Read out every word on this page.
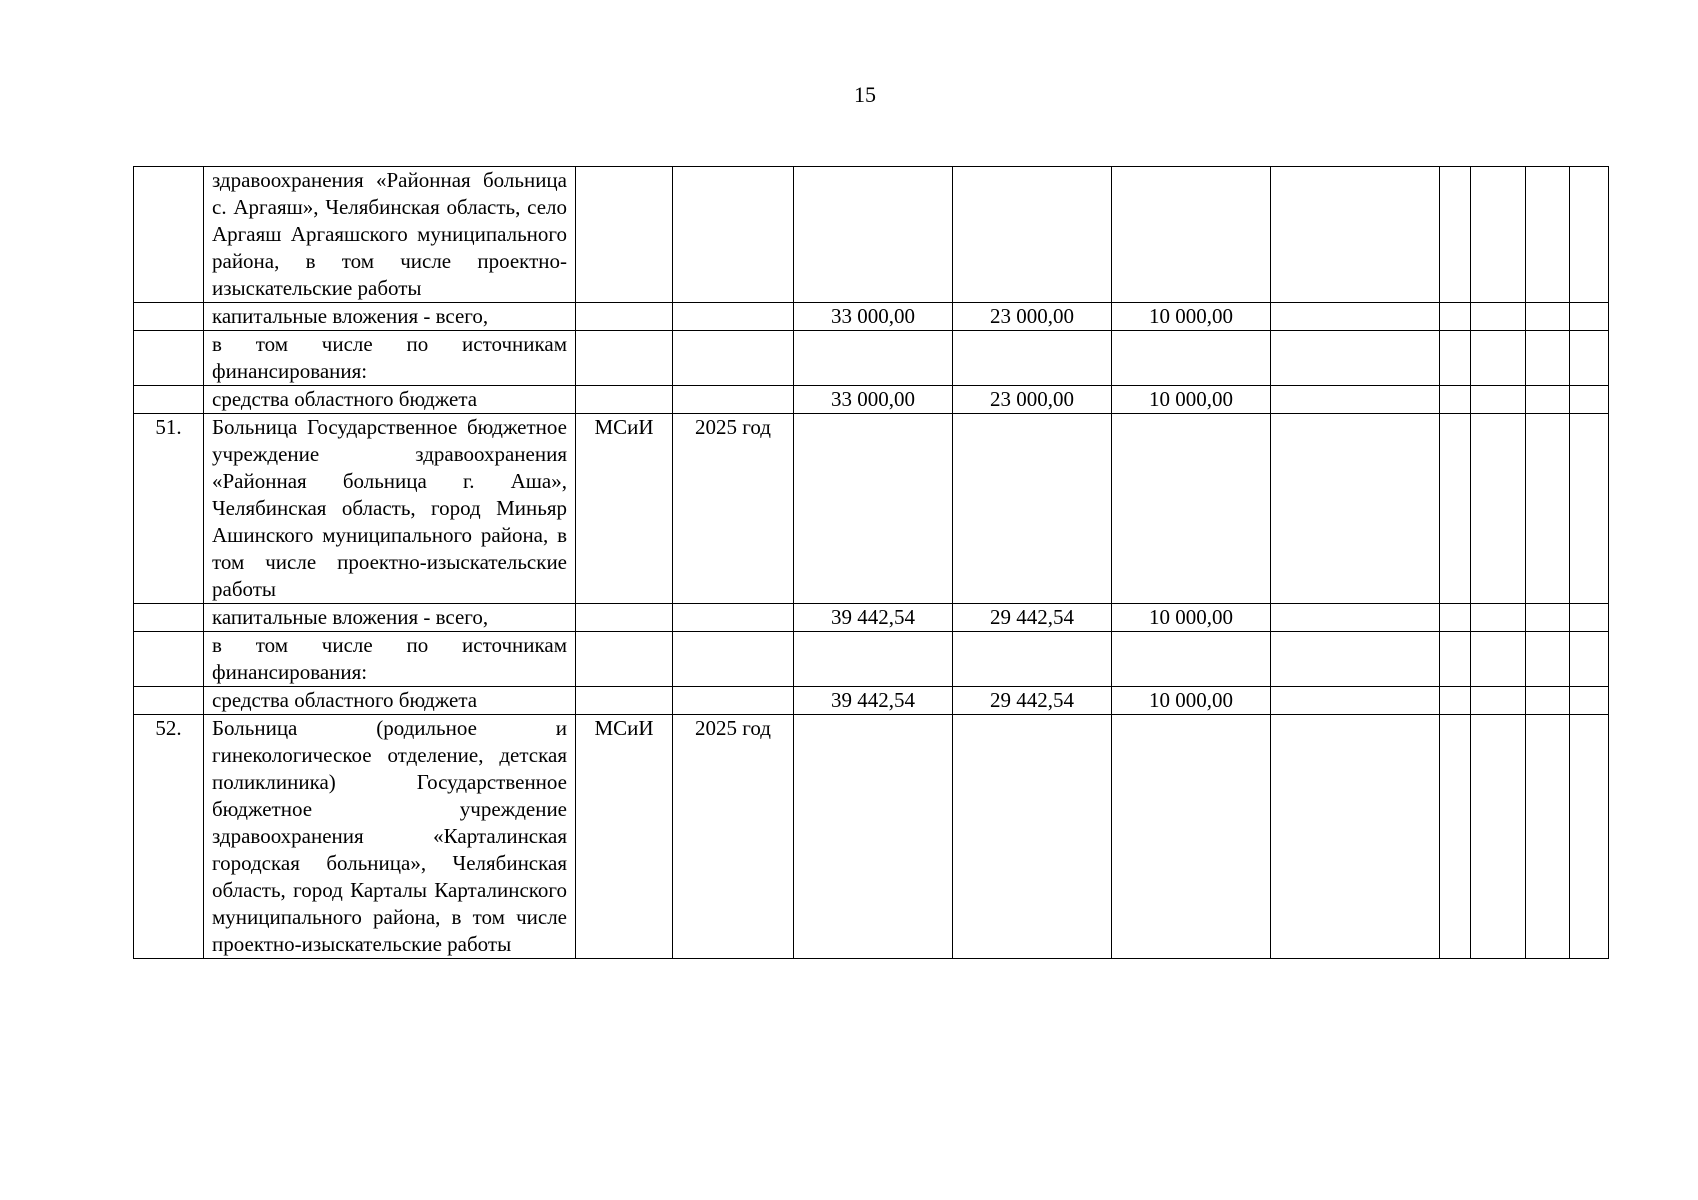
15
	здравоохранения «Районная больница с. Аргаяш», Челябинская область, село Аргаяш Аргаяшского муниципального района, в том числе проектно-изыскательские работы										
	капитальные вложения - всего,			33 000,00	23 000,00	10 000,00					
	в том числе по источникам финансирования:										
	средства областного бюджета			33 000,00	23 000,00	10 000,00					
51.	Больница Государственное бюджетное учреждение здравоохранения «Районная больница г. Аша», Челябинская область, город Миньяр Ашинского муниципального района, в том числе проектно-изыскательские работы	МСиИ	2025 год								
	капитальные вложения - всего,			39 442,54	29 442,54	10 000,00					
	в том числе по источникам финансирования:										
	средства областного бюджета			39 442,54	29 442,54	10 000,00					
52.	Больница (родильное и гинекологическое отделение, детская поликлиника) Государственное бюджетное учреждение здравоохранения «Карталинская городская больница», Челябинская область, город Карталы Карталинского муниципального района, в том числе проектно-изыскательские работы	МСиИ	2025 год								
